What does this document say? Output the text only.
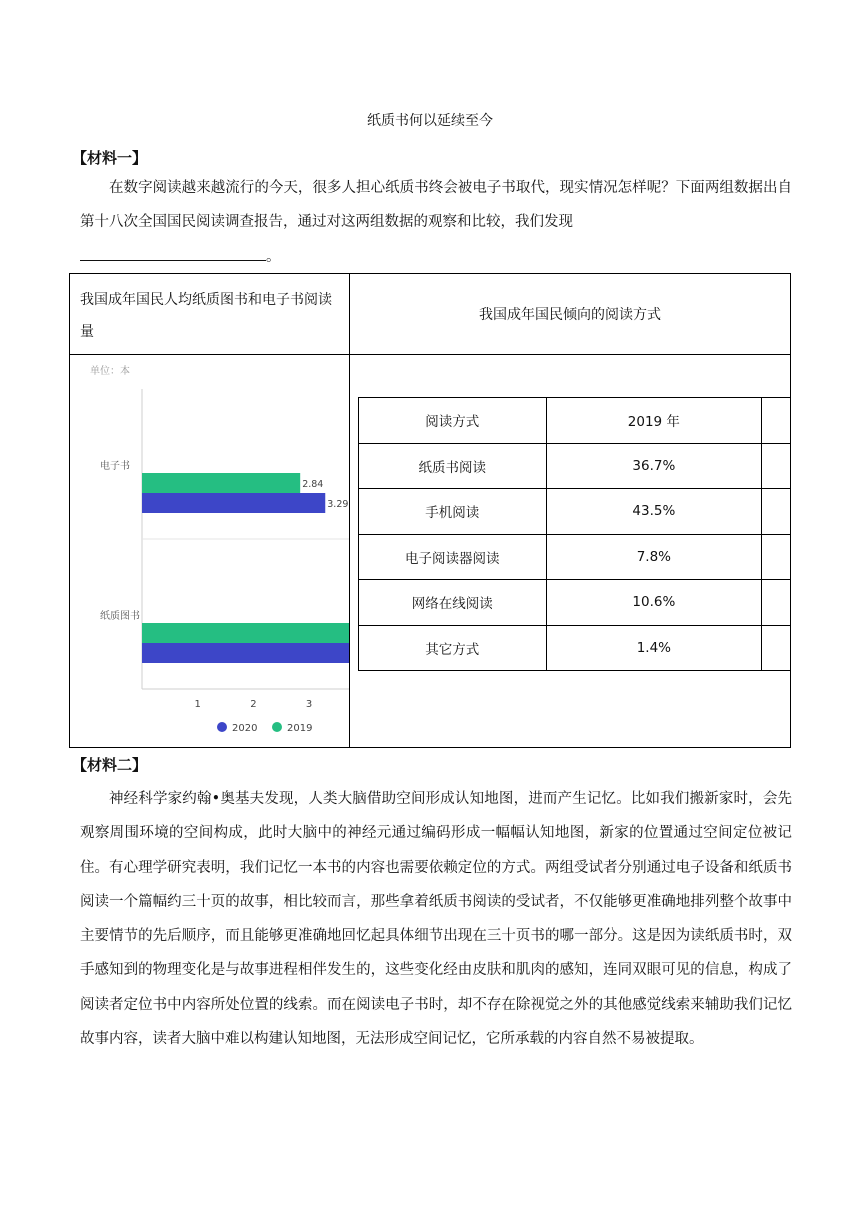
纸质书何以延续至今
【材料一】

在数字阅读越来越流行的今天，很多人担心纸质书终会被电子书取代，现实情况怎样呢？下面两组数据出自第十八次全国国民阅读调查报告，通过对这两组数据的观察和比较，我们发现
。

我国成年国民人均纸质图书和电子书阅读量
我国成年国民倾向的阅读方式
单位：本
电子书
纸质图书
2.84
3.29
1	2	3
2020	2019
阅读方式	2019 年	
纸质书阅读	36.7%	
手机阅读	43.5%	
电子阅读器阅读	7.8%	
网络在线阅读	10.6%	
其它方式	1.4%	
【材料二】

神经科学家约翰•奥基夫发现，人类大脑借助空间形成认知地图，进而产生记忆。比如我们搬新家时，会先观察周围环境的空间构成，此时大脑中的神经元通过编码形成一幅幅认知地图，新家的位置通过空间定位被记住。有心理学研究表明，我们记忆一本书的内容也需要依赖定位的方式。两组受试者分别通过电子设备和纸质书阅读一个篇幅约三十页的故事，相比较而言，那些拿着纸质书阅读的受试者，不仅能够更准确地排列整个故事中主要情节的先后顺序，而且能够更准确地回忆起具体细节出现在三十页书的哪一部分。这是因为读纸质书时，双手感知到的物理变化是与故事进程相伴发生的，这些变化经由皮肤和肌肉的感知，连同双眼可见的信息，构成了阅读者定位书中内容所处位置的线索。而在阅读电子书时，却不存在除视觉之外的其他感觉线索来辅助我们记忆故事内容，读者大脑中难以构建认知地图，无法形成空间记忆，它所承载的内容自然不易被提取。
